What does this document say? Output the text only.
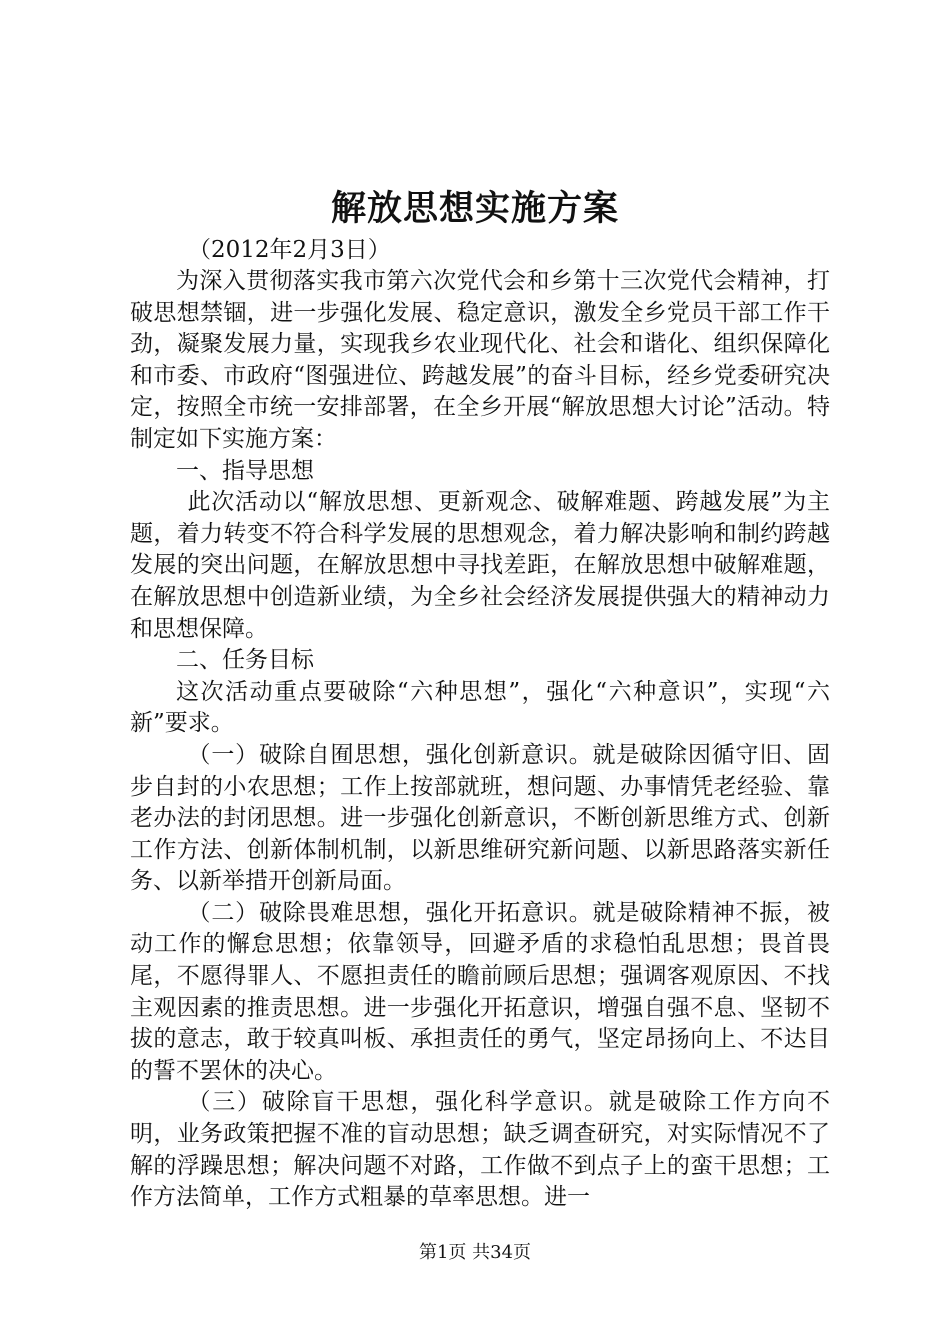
解放思想实施方案
（2012年2月3日）

为深入贯彻落实我市第六次党代会和乡第十三次党代会精神，打破思想禁锢，进一步强化发展、稳定意识，激发全乡党员干部工作干劲，凝聚发展力量，实现我乡农业现代化、社会和谐化、组织保障化和市委、市政府“图强进位、跨越发展”的奋斗目标，经乡党委研究决定，按照全市统一安排部署，在全乡开展“解放思想大讨论”活动。特制定如下实施方案：

一、指导思想

此次活动以“解放思想、更新观念、破解难题、跨越发展”为主题，着力转变不符合科学发展的思想观念，着力解决影响和制约跨越发展的突出问题，在解放思想中寻找差距，在解放思想中破解难题，在解放思想中创造新业绩，为全乡社会经济发展提供强大的精神动力和思想保障。

二、任务目标

这次活动重点要破除“六种思想”，强化“六种意识”，实现“六新”要求。

（一）破除自囿思想，强化创新意识。就是破除因循守旧、固步自封的小农思想；工作上按部就班，想问题、办事情凭老经验、靠老办法的封闭思想。进一步强化创新意识，不断创新思维方式、创新工作方法、创新体制机制，以新思维研究新问题、以新思路落实新任务、以新举措开创新局面。

（二）破除畏难思想，强化开拓意识。就是破除精神不振，被动工作的懈怠思想；依靠领导，回避矛盾的求稳怕乱思想；畏首畏尾，不愿得罪人、不愿担责任的瞻前顾后思想；强调客观原因、不找主观因素的推责思想。进一步强化开拓意识，增强自强不息、坚韧不拔的意志，敢于较真叫板、承担责任的勇气，坚定昂扬向上、不达目的誓不罢休的决心。

（三）破除盲干思想，强化科学意识。就是破除工作方向不明，业务政策把握不准的盲动思想；缺乏调查研究，对实际情况不了解的浮躁思想；解决问题不对路，工作做不到点子上的蛮干思想；工作方法简单，工作方式粗暴的草率思想。进一

第1页 共34页
